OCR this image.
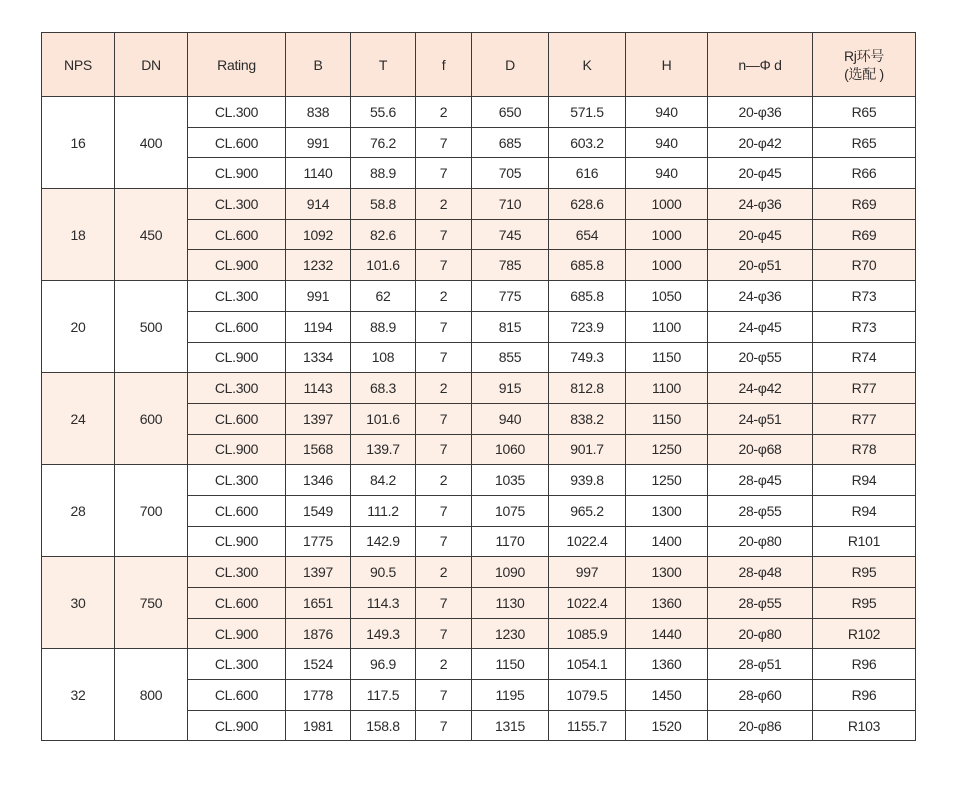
NPS	DN	Rating	B	T	f	D	K	H	n—Φ d	Rj环号
(选配 )

16	400	CL.300	838	55.6	2	650	571.5	940	20-φ36	R65
		CL.600	991	76.2	7	685	603.2	940	20-φ42	R65
		CL.900	1140	88.9	7	705	616	940	20-φ45	R66
18	450	CL.300	914	58.8	2	710	628.6	1000	24-φ36	R69
		CL.600	1092	82.6	7	745	654	1000	20-φ45	R69
		CL.900	1232	101.6	7	785	685.8	1000	20-φ51	R70
20	500	CL.300	991	62	2	775	685.8	1050	24-φ36	R73
		CL.600	1194	88.9	7	815	723.9	1100	24-φ45	R73
		CL.900	1334	108	7	855	749.3	1150	20-φ55	R74
24	600	CL.300	1143	68.3	2	915	812.8	1100	24-φ42	R77
		CL.600	1397	101.6	7	940	838.2	1150	24-φ51	R77
		CL.900	1568	139.7	7	1060	901.7	1250	20-φ68	R78
28	700	CL.300	1346	84.2	2	1035	939.8	1250	28-φ45	R94
		CL.600	1549	111.2	7	1075	965.2	1300	28-φ55	R94
		CL.900	1775	142.9	7	1170	1022.4	1400	20-φ80	R101
30	750	CL.300	1397	90.5	2	1090	997	1300	28-φ48	R95
		CL.600	1651	114.3	7	1130	1022.4	1360	28-φ55	R95
		CL.900	1876	149.3	7	1230	1085.9	1440	20-φ80	R102
32	800	CL.300	1524	96.9	2	1150	1054.1	1360	28-φ51	R96
		CL.600	1778	117.5	7	1195	1079.5	1450	28-φ60	R96
		CL.900	1981	158.8	7	1315	1155.7	1520	20-φ86	R103
